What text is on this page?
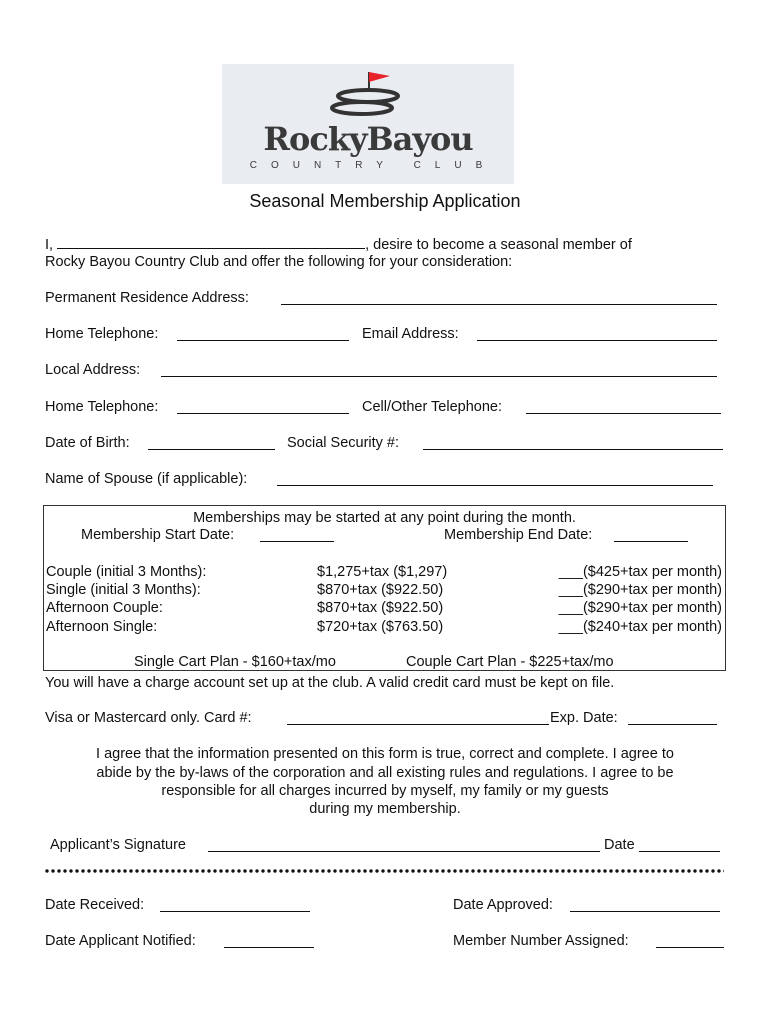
RockyBayou
COUNTRY CLUB
Seasonal Membership Application
I,	, desire to become a seasonal member of
Rocky Bayou Country Club and offer the following for your consideration:
Permanent Residence Address:
Home Telephone:	Email Address:
Local Address:
Home Telephone:	Cell/Other Telephone:
Date of Birth:	Social Security #:
Name of Spouse (if applicable):
Memberships may be started at any point during the month.
Membership Start Date:	Membership End Date:
Couple (initial 3 Months):	$1,275+tax ($1,297)	___($425+tax per month)
Single (initial 3 Months):	$870+tax ($922.50)	___($290+tax per month)
Afternoon Couple:	$870+tax ($922.50)	___($290+tax per month)
Afternoon Single:	$720+tax ($763.50)	___($240+tax per month)
Single Cart Plan - $160+tax/mo	Couple Cart Plan - $225+tax/mo
You will have a charge account set up at the club. A valid credit card must be kept on file.
Visa or Mastercard only. Card #:	Exp. Date:
I agree that the information presented on this form is true, correct and complete. I agree to
abide by the by-laws of the corporation and all existing rules and regulations. I agree to be
responsible for all charges incurred by myself, my family or my guests
during my membership.
Applicant’s Signature	Date
Date Received:	Date Approved:
Date Applicant Notified:	Member Number Assigned:
